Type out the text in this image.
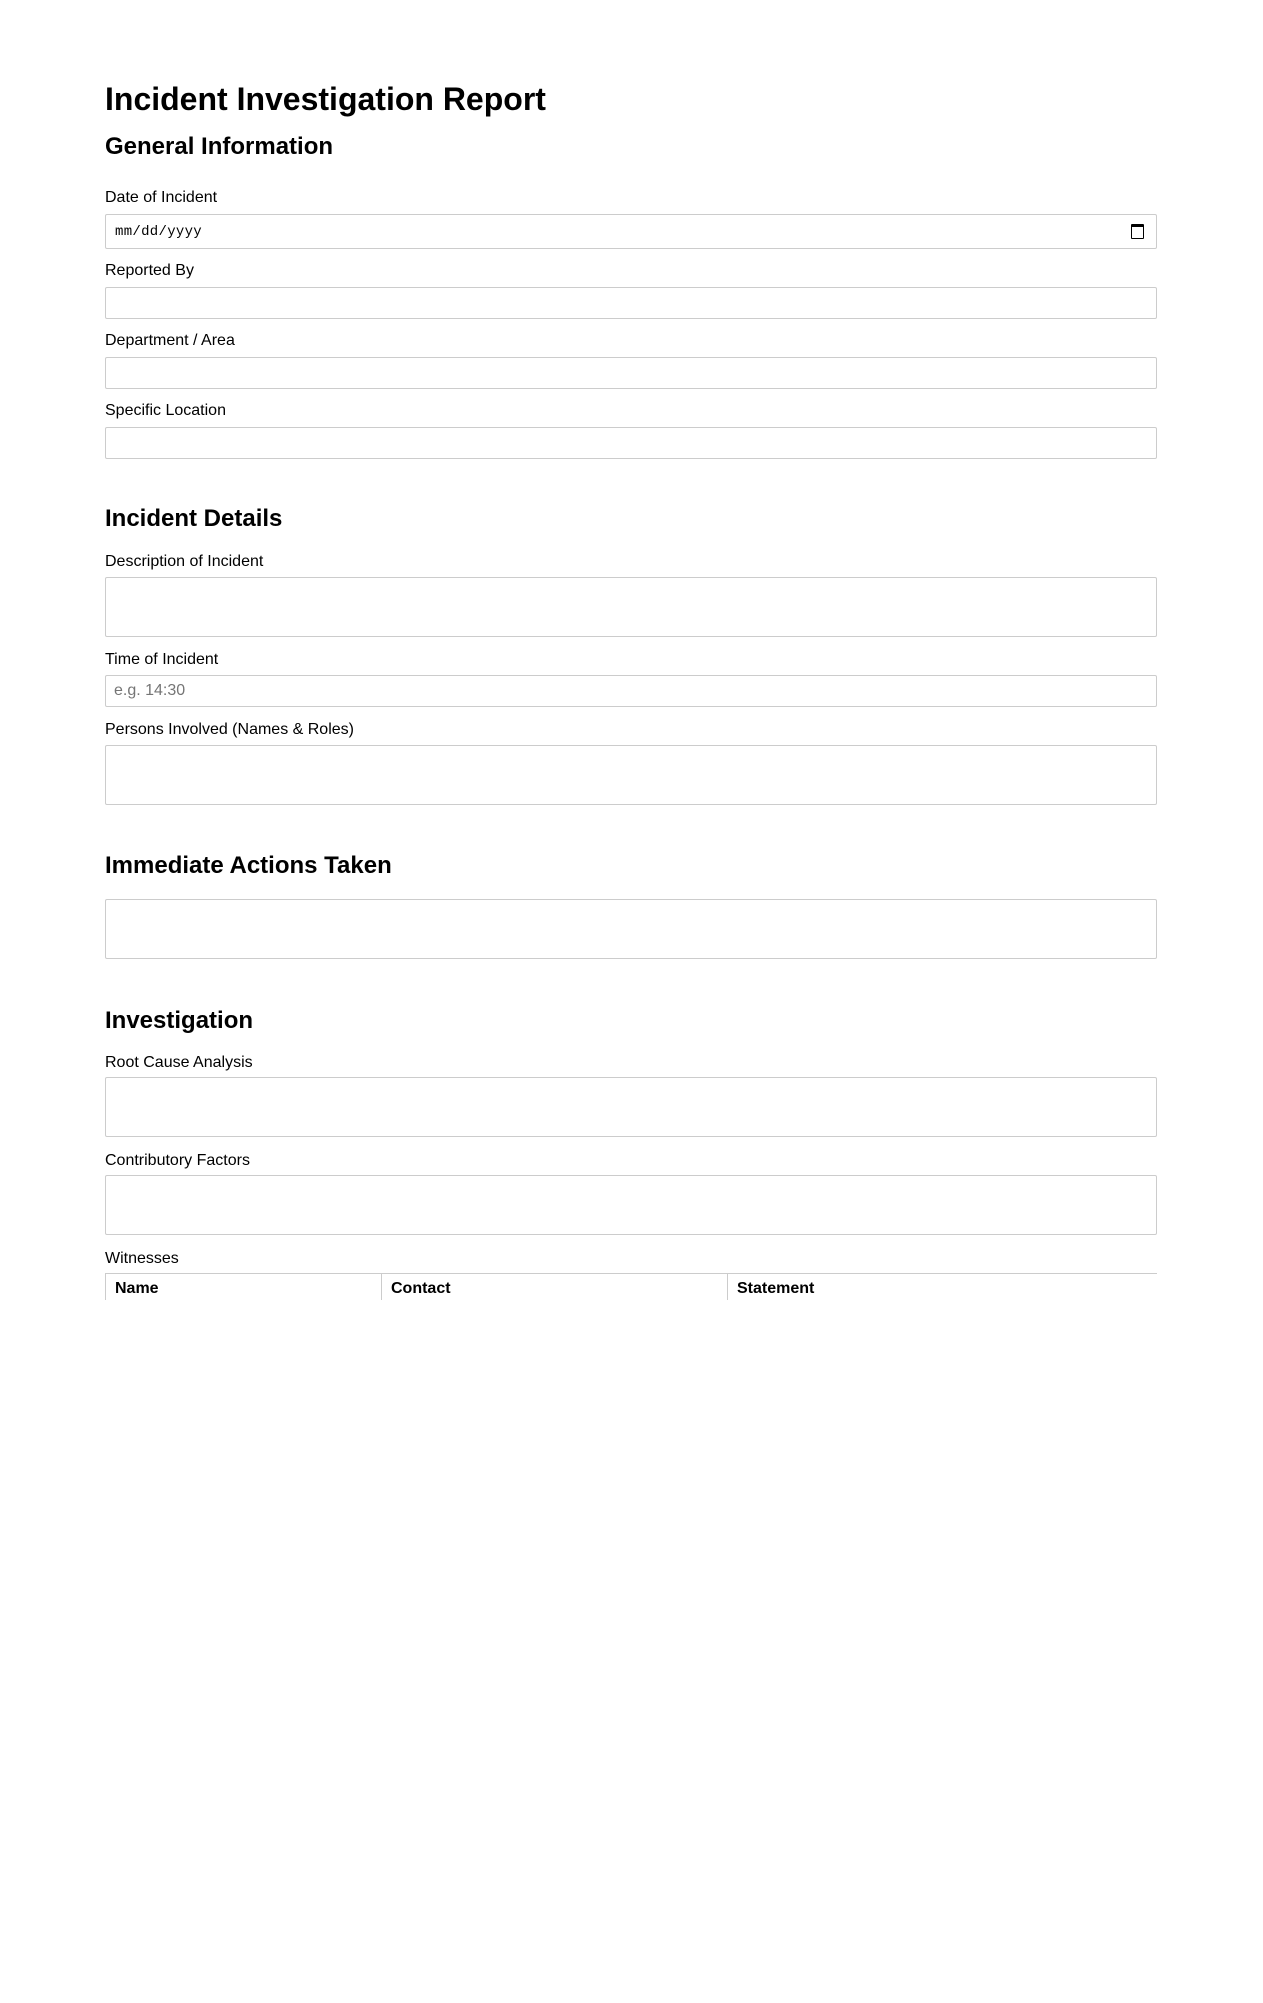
Incident Investigation Report
General Information
Date of Incident
mm/dd/yyyy
Reported By
Department / Area
Specific Location
Incident Details
Description of Incident
Time of Incident
e.g. 14:30
Persons Involved (Names & Roles)
Immediate Actions Taken
Investigation
Root Cause Analysis
Contributory Factors
Witnesses
Name	Contact	Statement
